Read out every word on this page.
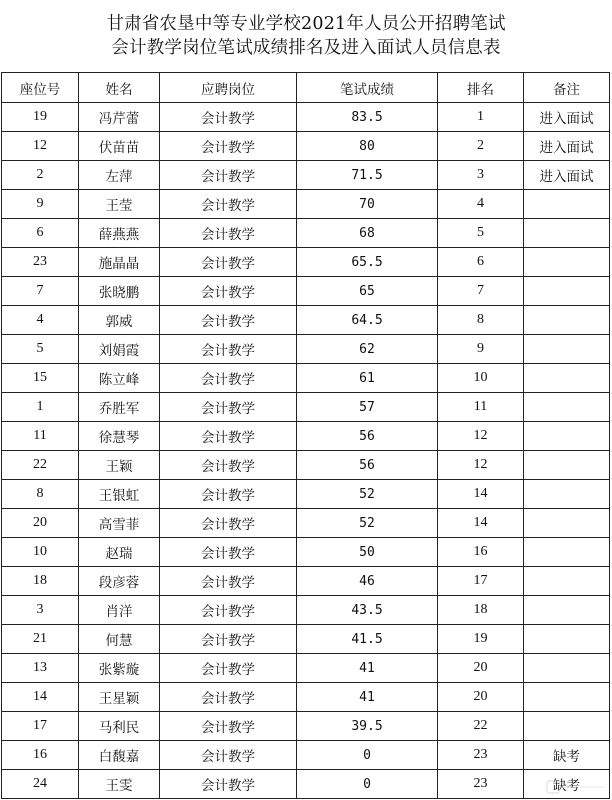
甘肃省农垦中等专业学校2021年人员公开招聘笔试
会计教学岗位笔试成绩排名及进入面试人员信息表
座位号	姓名	应聘岗位	笔试成绩	排名	备注
19	冯芹蕾	会计教学	83.5	1	进入面试
12	伏苗苗	会计教学	80	2	进入面试
2	左萍	会计教学	71.5	3	进入面试
9	王莹	会计教学	70	4	
6	薛燕燕	会计教学	68	5	
23	施晶晶	会计教学	65.5	6	
7	张晓鹏	会计教学	65	7	
4	郭威	会计教学	64.5	8	
5	刘娟霞	会计教学	62	9	
15	陈立峰	会计教学	61	10	
1	乔胜军	会计教学	57	11	
11	徐慧琴	会计教学	56	12	
22	王颖	会计教学	56	12	
8	王银虹	会计教学	52	14	
20	高雪菲	会计教学	52	14	
10	赵瑞	会计教学	50	16	
18	段彦蓉	会计教学	46	17	
3	肖洋	会计教学	43.5	18	
21	何慧	会计教学	41.5	19	
13	张紫璇	会计教学	41	20	
14	王星颖	会计教学	41	20	
17	马利民	会计教学	39.5	22	
16	白馥嘉	会计教学	0	23	缺考
24	王雯	会计教学	0	23	缺考
